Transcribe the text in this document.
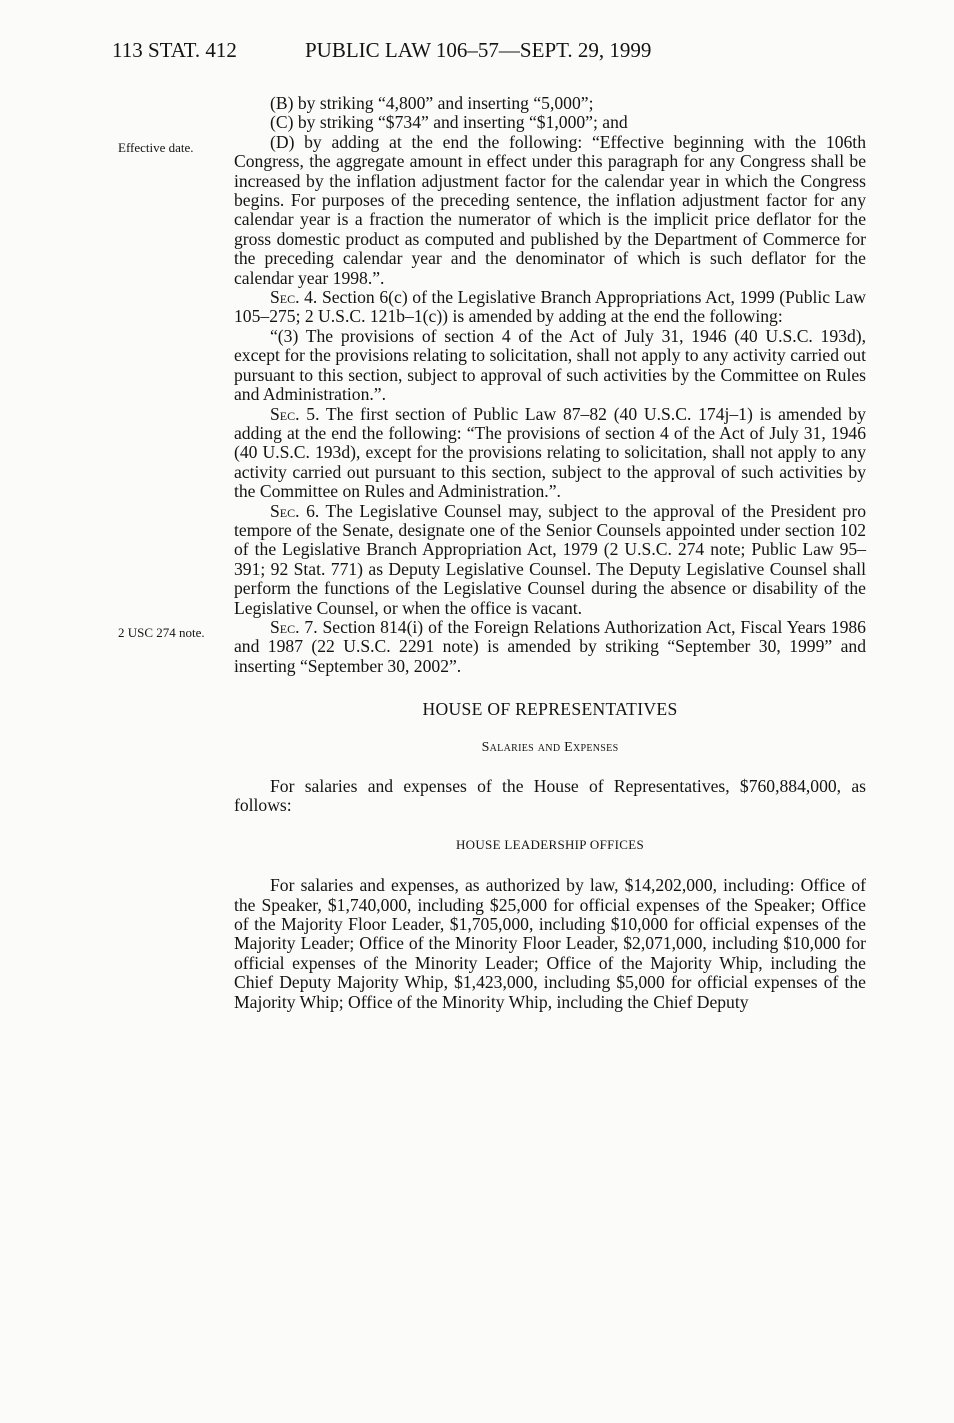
113 STAT. 412	PUBLIC LAW 106–57—SEPT. 29, 1999
Effective date.
2 USC 274 note.

(B) by striking “4,800” and inserting “5,000”;

(C) by striking “$734” and inserting “$1,000”; and

(D) by adding at the end the following: “Effective beginning with the 106th Congress, the aggregate amount in effect under this paragraph for any Congress shall be increased by the inflation adjustment factor for the calendar year in which the Congress begins. For purposes of the preceding sentence, the inflation adjustment factor for any calendar year is a fraction the numerator of which is the implicit price deflator for the gross domestic product as computed and published by the Department of Commerce for the preceding calendar year and the denominator of which is such deflator for the calendar year 1998.”.

Sec. 4. Section 6(c) of the Legislative Branch Appropriations Act, 1999 (Public Law 105–275; 2 U.S.C. 121b–1(c)) is amended by adding at the end the following:

“(3) The provisions of section 4 of the Act of July 31, 1946 (40 U.S.C. 193d), except for the provisions relating to solicitation, shall not apply to any activity carried out pursuant to this section, subject to approval of such activities by the Committee on Rules and Administration.”.

Sec. 5. The first section of Public Law 87–82 (40 U.S.C. 174j–1) is amended by adding at the end the following: “The provisions of section 4 of the Act of July 31, 1946 (40 U.S.C. 193d), except for the provisions relating to solicitation, shall not apply to any activity carried out pursuant to this section, subject to the approval of such activities by the Committee on Rules and Administration.”.

Sec. 6. The Legislative Counsel may, subject to the approval of the President pro tempore of the Senate, designate one of the Senior Counsels appointed under section 102 of the Legislative Branch Appropriation Act, 1979 (2 U.S.C. 274 note; Public Law 95–391; 92 Stat. 771) as Deputy Legislative Counsel. The Deputy Legislative Counsel shall perform the functions of the Legislative Counsel during the absence or disability of the Legislative Counsel, or when the office is vacant.

Sec. 7. Section 814(i) of the Foreign Relations Authorization Act, Fiscal Years 1986 and 1987 (22 U.S.C. 2291 note) is amended by striking “September 30, 1999” and inserting “September 30, 2002”.

HOUSE OF REPRESENTATIVES
Salaries and Expenses

For salaries and expenses of the House of Representatives, $760,884,000, as follows:

HOUSE LEADERSHIP OFFICES

For salaries and expenses, as authorized by law, $14,202,000, including: Office of the Speaker, $1,740,000, including $25,000 for official expenses of the Speaker; Office of the Majority Floor Leader, $1,705,000, including $10,000 for official expenses of the Majority Leader; Office of the Minority Floor Leader, $2,071,000, including $10,000 for official expenses of the Minority Leader; Office of the Majority Whip, including the Chief Deputy Majority Whip, $1,423,000, including $5,000 for official expenses of the Majority Whip; Office of the Minority Whip, including the Chief Deputy
